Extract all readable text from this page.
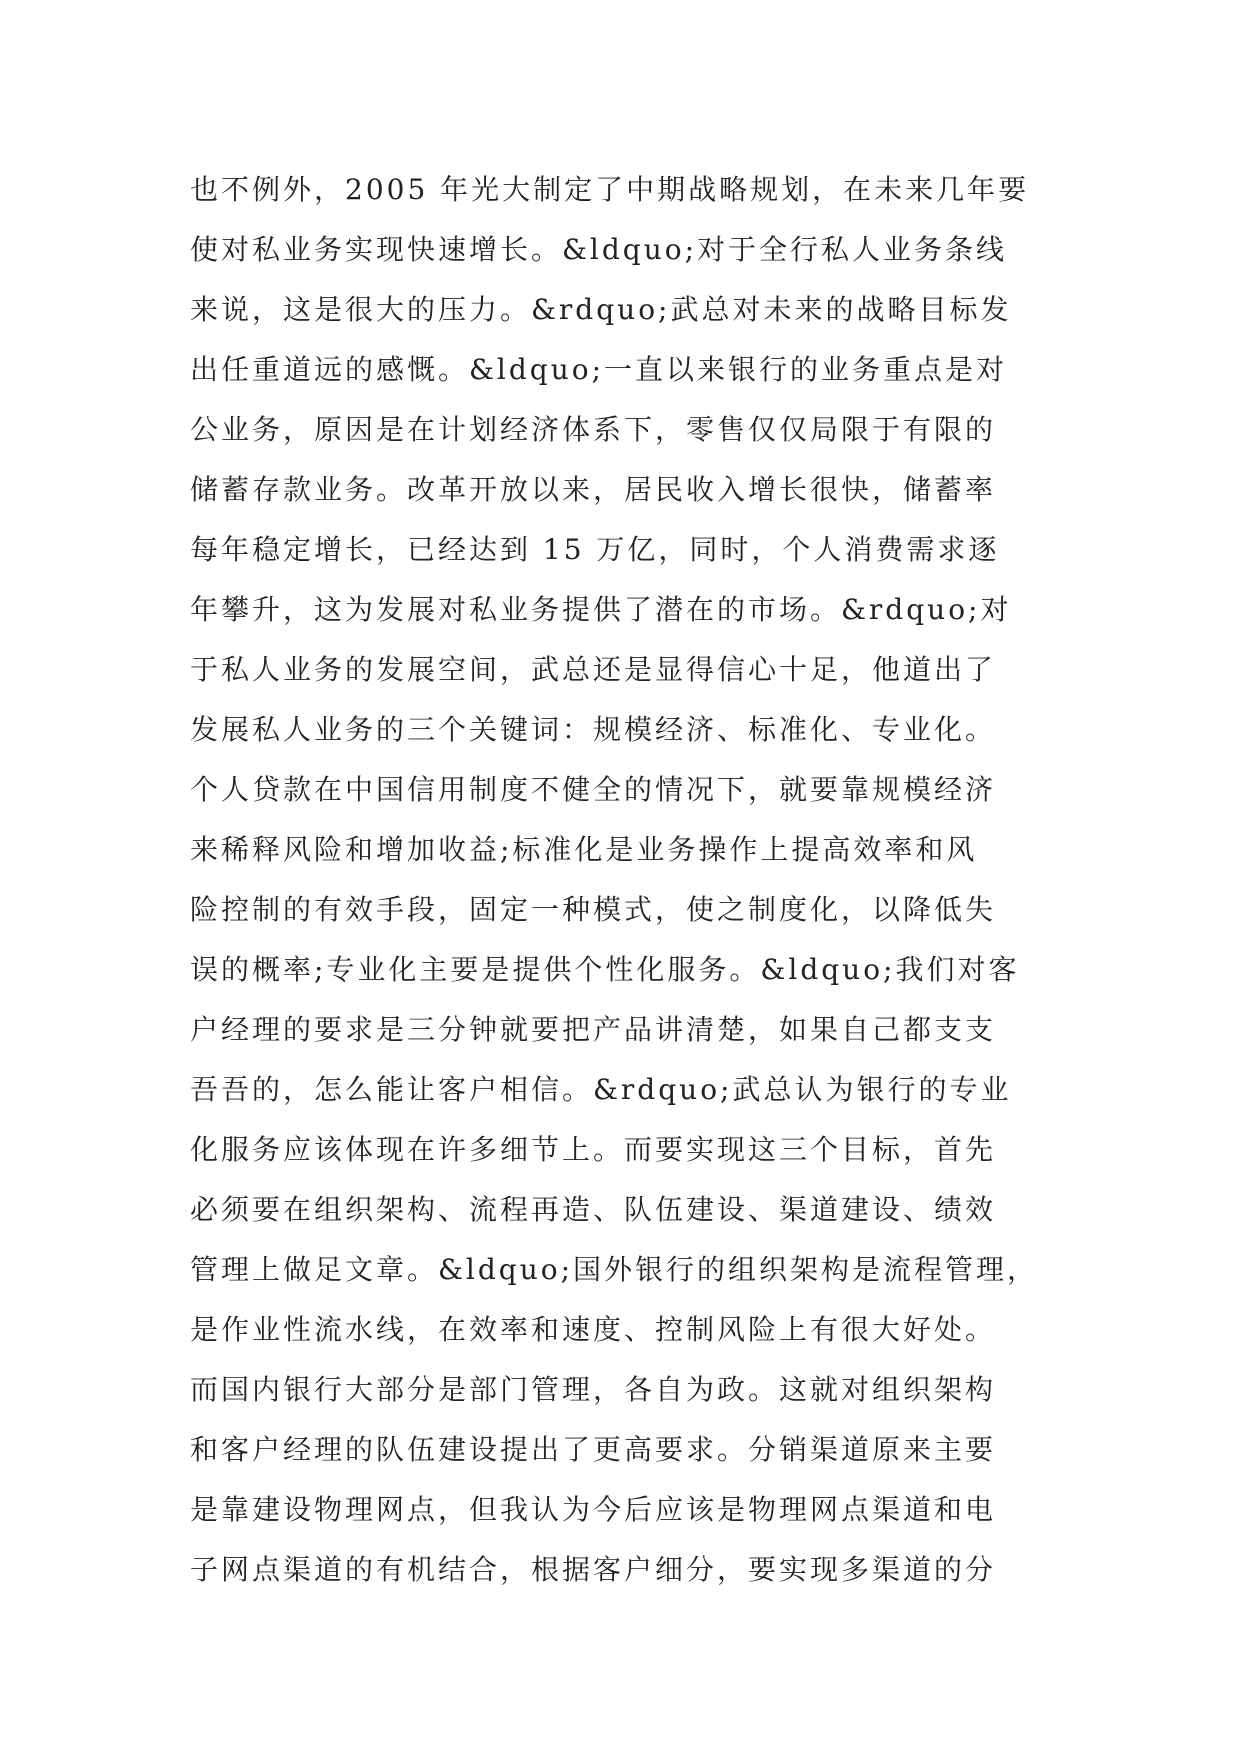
也不例外，2005 年光大制定了中期战略规划，在未来几年要
使对私业务实现快速增长。&ldquo;对于全行私人业务条线
来说，这是很大的压力。&rdquo;武总对未来的战略目标发
出任重道远的感慨。&ldquo;一直以来银行的业务重点是对
公业务，原因是在计划经济体系下，零售仅仅局限于有限的
储蓄存款业务。改革开放以来，居民收入增长很快，储蓄率
每年稳定增长，已经达到 15 万亿，同时，个人消费需求逐
年攀升，这为发展对私业务提供了潜在的市场。&rdquo;对
于私人业务的发展空间，武总还是显得信心十足，他道出了
发展私人业务的三个关键词：规模经济、标准化、专业化。
个人贷款在中国信用制度不健全的情况下，就要靠规模经济
来稀释风险和增加收益;标准化是业务操作上提高效率和风
险控制的有效手段，固定一种模式，使之制度化，以降低失
误的概率;专业化主要是提供个性化服务。&ldquo;我们对客
户经理的要求是三分钟就要把产品讲清楚，如果自己都支支
吾吾的，怎么能让客户相信。&rdquo;武总认为银行的专业
化服务应该体现在许多细节上。而要实现这三个目标，首先
必须要在组织架构、流程再造、队伍建设、渠道建设、绩效
管理上做足文章。&ldquo;国外银行的组织架构是流程管理，
是作业性流水线，在效率和速度、控制风险上有很大好处。
而国内银行大部分是部门管理，各自为政。这就对组织架构
和客户经理的队伍建设提出了更高要求。分销渠道原来主要
是靠建设物理网点，但我认为今后应该是物理网点渠道和电
子网点渠道的有机结合，根据客户细分，要实现多渠道的分
